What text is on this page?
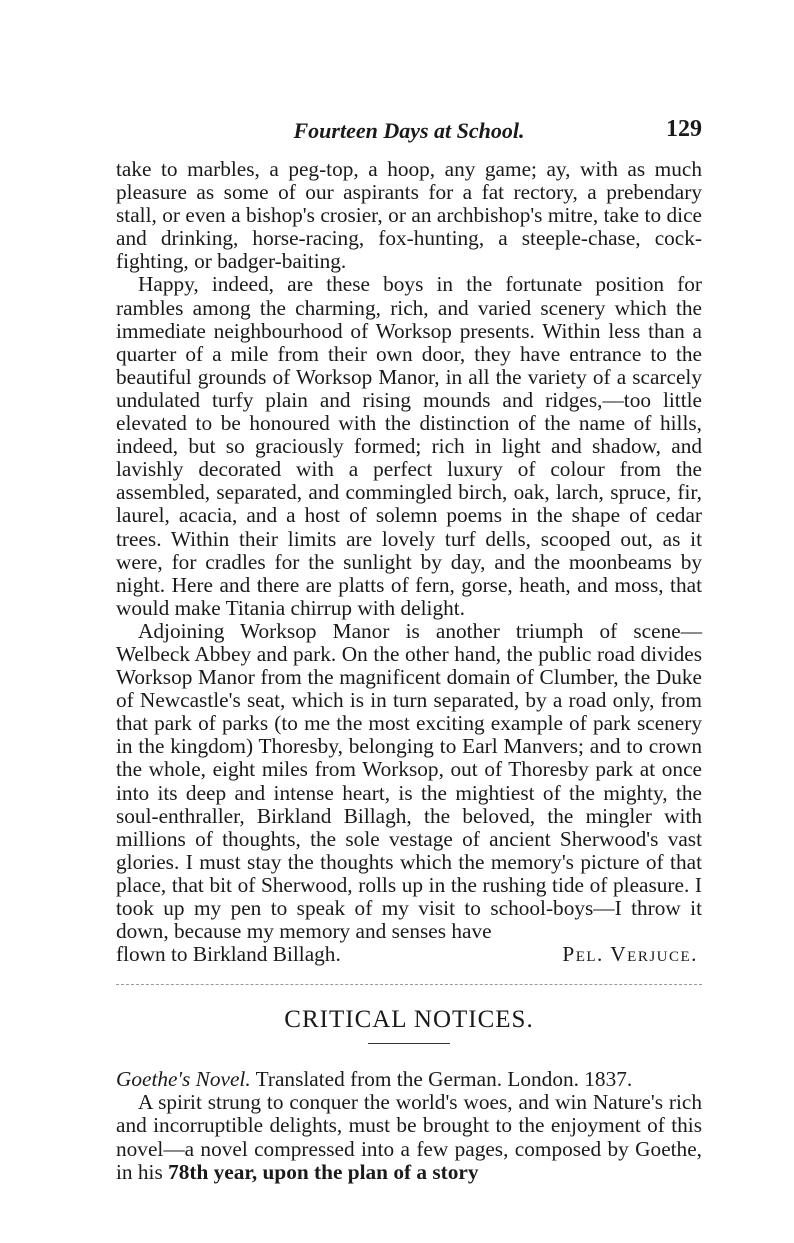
Fourteen Days at School.	129

take to marbles, a peg-top, a hoop, any game; ay, with as much pleasure as some of our aspirants for a fat rectory, a prebendary stall, or even a bishop's crosier, or an archbishop's mitre, take to dice and drinking, horse-racing, fox-hunting, a steeple-chase, cock-fighting, or badger-baiting.

Happy, indeed, are these boys in the fortunate position for rambles among the charming, rich, and varied scenery which the immediate neighbourhood of Worksop presents. Within less than a quarter of a mile from their own door, they have entrance to the beautiful grounds of Worksop Manor, in all the variety of a scarcely undulated turfy plain and rising mounds and ridges,—too little elevated to be honoured with the distinction of the name of hills, indeed, but so graciously formed; rich in light and shadow, and lavishly decorated with a perfect luxury of colour from the assembled, separated, and commingled birch, oak, larch, spruce, fir, laurel, acacia, and a host of solemn poems in the shape of cedar trees. Within their limits are lovely turf dells, scooped out, as it were, for cradles for the sunlight by day, and the moonbeams by night. Here and there are platts of fern, gorse, heath, and moss, that would make Titania chirrup with delight.

Adjoining Worksop Manor is another triumph of scene— Welbeck Abbey and park. On the other hand, the public road divides Worksop Manor from the magnificent domain of Clumber, the Duke of Newcastle's seat, which is in turn separated, by a road only, from that park of parks (to me the most exciting example of park scenery in the kingdom) Thoresby, belonging to Earl Manvers; and to crown the whole, eight miles from Worksop, out of Thoresby park at once into its deep and intense heart, is the mightiest of the mighty, the soul-enthraller, Birkland Billagh, the beloved, the mingler with millions of thoughts, the sole vestage of ancient Sherwood's vast glories. I must stay the thoughts which the memory's picture of that place, that bit of Sherwood, rolls up in the rushing tide of pleasure. I took up my pen to speak of my visit to school-boys—I throw it down, because my memory and senses have

flown to Birkland Billagh.	Pel. Verjuce.
CRITICAL NOTICES.

Goethe's Novel. Translated from the German. London. 1837.

A spirit strung to conquer the world's woes, and win Nature's rich and incorruptible delights, must be brought to the enjoyment of this novel—a novel compressed into a few pages, composed by Goethe, in his 78th year, upon the plan of a story
